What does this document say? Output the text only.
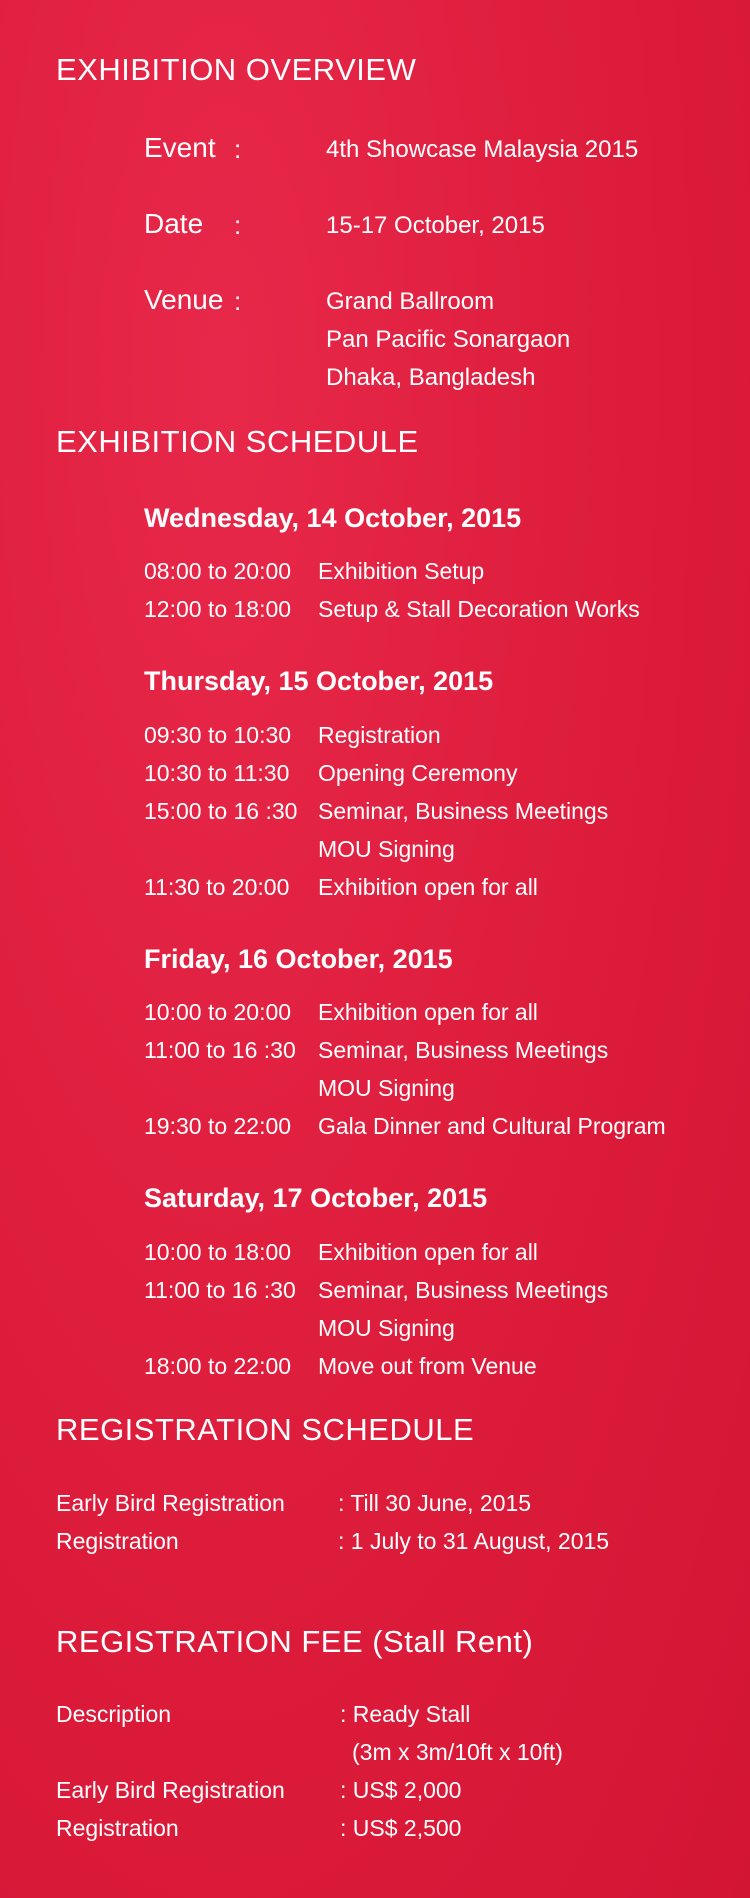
EXHIBITION OVERVIEW
Event :	4th Showcase Malaysia 2015
Date :	15-17 October, 2015
Venue :	Grand Ballroom
Pan Pacific Sonargaon
Dhaka, Bangladesh
EXHIBITION SCHEDULE
Wednesday, 14 October, 2015
08:00 to 20:00 Exhibition Setup
12:00 to 18:00 Setup & Stall Decoration Works
Thursday, 15 October, 2015
09:30 to 10:30 Registration
10:30 to 11:30 Opening Ceremony
15:00 to 16 :30 Seminar, Business Meetings
MOU Signing
11:30 to 20:00 Exhibition open for all
Friday, 16 October, 2015
10:00 to 20:00 Exhibition open for all
11:00 to 16 :30 Seminar, Business Meetings
MOU Signing
19:30 to 22:00 Gala Dinner and Cultural Program
Saturday, 17 October, 2015
10:00 to 18:00 Exhibition open for all
11:00 to 16 :30 Seminar, Business Meetings
MOU Signing
18:00 to 22:00 Move out from Venue
REGISTRATION SCHEDULE
Early Bird Registration : Till 30 June, 2015
Registration	: 1 July to 31 August, 2015
REGISTRATION FEE (Stall Rent)
Description	: Ready Stall
(3m x 3m/10ft x 10ft)
Early Bird Registration : US$ 2,000
Registration	: US$ 2,500
